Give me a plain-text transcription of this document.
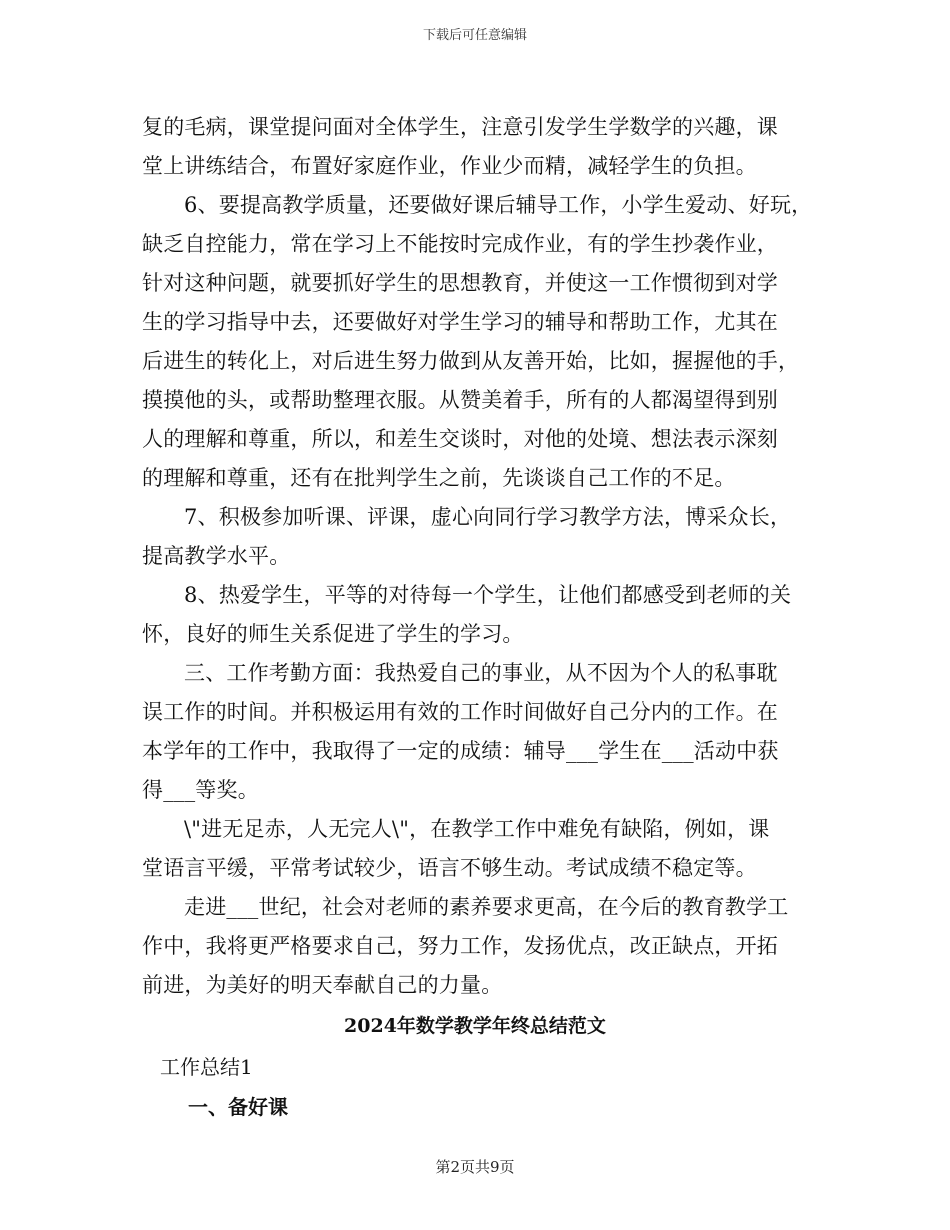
下载后可任意编辑
复的毛病，课堂提问面对全体学生，注意引发学生学数学的兴趣，课
堂上讲练结合，布置好家庭作业，作业少而精，减轻学生的负担。
6、要提高教学质量，还要做好课后辅导工作，小学生爱动、好玩，
缺乏自控能力，常在学习上不能按时完成作业，有的学生抄袭作业，
针对这种问题，就要抓好学生的思想教育，并使这一工作惯彻到对学
生的学习指导中去，还要做好对学生学习的辅导和帮助工作，尤其在
后进生的转化上，对后进生努力做到从友善开始，比如，握握他的手，
摸摸他的头，或帮助整理衣服。从赞美着手，所有的人都渴望得到别
人的理解和尊重，所以，和差生交谈时，对他的处境、想法表示深刻
的理解和尊重，还有在批判学生之前，先谈谈自己工作的不足。
7、积极参加听课、评课，虚心向同行学习教学方法，博采众长，
提高教学水平。
8、热爱学生，平等的对待每一个学生，让他们都感受到老师的关
怀，良好的师生关系促进了学生的学习。
三、工作考勤方面：我热爱自己的事业，从不因为个人的私事耽
误工作的时间。并积极运用有效的工作时间做好自己分内的工作。在
本学年的工作中，我取得了一定的成绩：辅导___学生在___活动中获
得___等奖。
\"进无足赤，人无完人\"，在教学工作中难免有缺陷，例如，课
堂语言平缓，平常考试较少，语言不够生动。考试成绩不稳定等。
走进___世纪，社会对老师的素养要求更高，在今后的教育教学工
作中，我将更严格要求自己，努力工作，发扬优点，改正缺点，开拓
前进，为美好的明天奉献自己的力量。
2024年数学教学年终总结范文
工作总结1
一、备好课
第2页共9页
